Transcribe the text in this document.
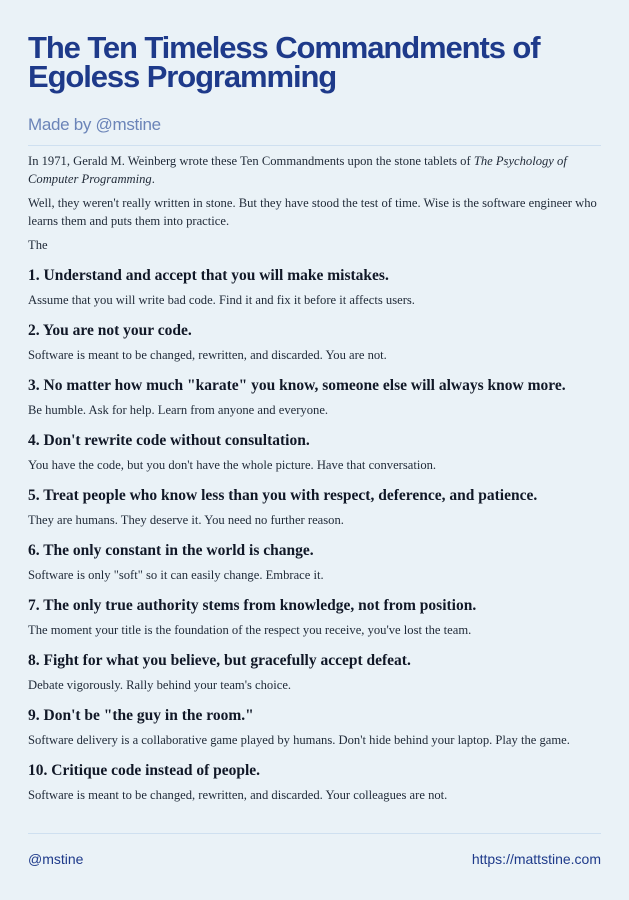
The Ten Timeless Commandments of
Egoless Programming
Made by @mstine

In 1971, Gerald M. Weinberg wrote these Ten Commandments upon the stone tablets of The Psychology of Computer Programming.

Well, they weren't really written in stone. But they have stood the test of time. Wise is the software engineer who learns them and puts them into practice.

The

1. Understand and accept that you will make mistakes.

Assume that you will write bad code. Find it and fix it before it affects users.

2. You are not your code.

Software is meant to be changed, rewritten, and discarded. You are not.

3. No matter how much "karate" you know, someone else will always know more.

Be humble. Ask for help. Learn from anyone and everyone.

4. Don't rewrite code without consultation.

You have the code, but you don't have the whole picture. Have that conversation.

5. Treat people who know less than you with respect, deference, and patience.

They are humans. They deserve it. You need no further reason.

6. The only constant in the world is change.

Software is only "soft" so it can easily change. Embrace it.

7. The only true authority stems from knowledge, not from position.

The moment your title is the foundation of the respect you receive, you've lost the team.

8. Fight for what you believe, but gracefully accept defeat.

Debate vigorously. Rally behind your team's choice.

9. Don't be "the guy in the room."

Software delivery is a collaborative game played by humans. Don't hide behind your laptop. Play the game.

10. Critique code instead of people.

Software is meant to be changed, rewritten, and discarded. Your colleagues are not.

@mstine	https://mattstine.com
